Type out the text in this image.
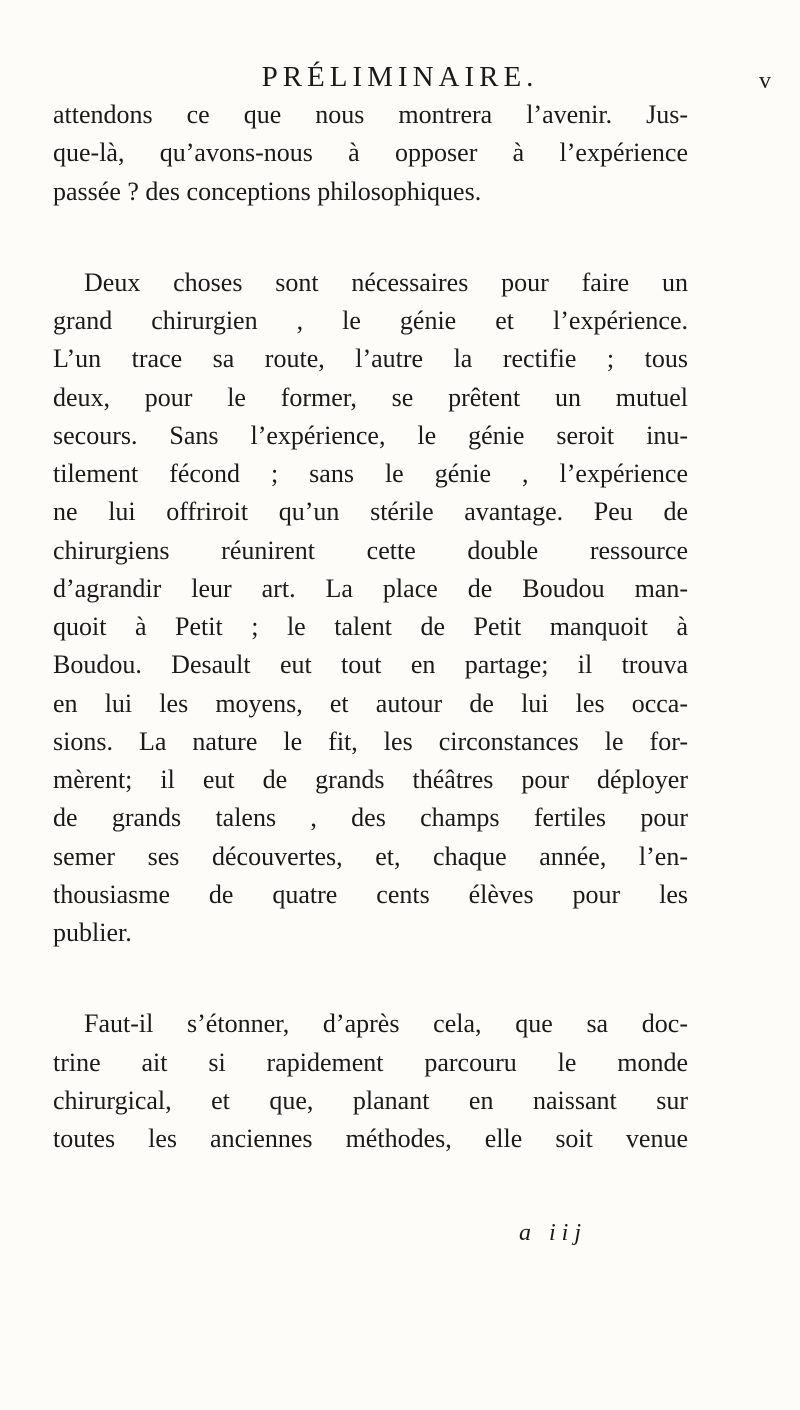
PRÉLIMINAIRE.	v
attendons ce que nous montrera l’avenir. Jus-
que-là, qu’avons-nous à opposer à l’expérience
passée ? des conceptions philosophiques.
Deux choses sont nécessaires pour faire un
grand chirurgien , le génie et l’expérience.
L’un trace sa route, l’autre la rectifie ; tous
deux, pour le former, se prêtent un mutuel
secours. Sans l’expérience, le génie seroit inu-
tilement fécond ; sans le génie , l’expérience
ne lui offriroit qu’un stérile avantage. Peu de
chirurgiens réunirent cette double ressource
d’agrandir leur art. La place de Boudou man-
quoit à Petit ; le talent de Petit manquoit à
Boudou. Desault eut tout en partage; il trouva
en lui les moyens, et autour de lui les occa-
sions. La nature le fit, les circonstances le for-
mèrent; il eut de grands théâtres pour déployer
de grands talens , des champs fertiles pour
semer ses découvertes, et, chaque année, l’en-
thousiasme de quatre cents élèves pour les
publier.
Faut-il s’étonner, d’après cela, que sa doc-
trine ait si rapidement parcouru le monde
chirurgical, et que, planant en naissant sur
toutes les anciennes méthodes, elle soit venue
a iij
